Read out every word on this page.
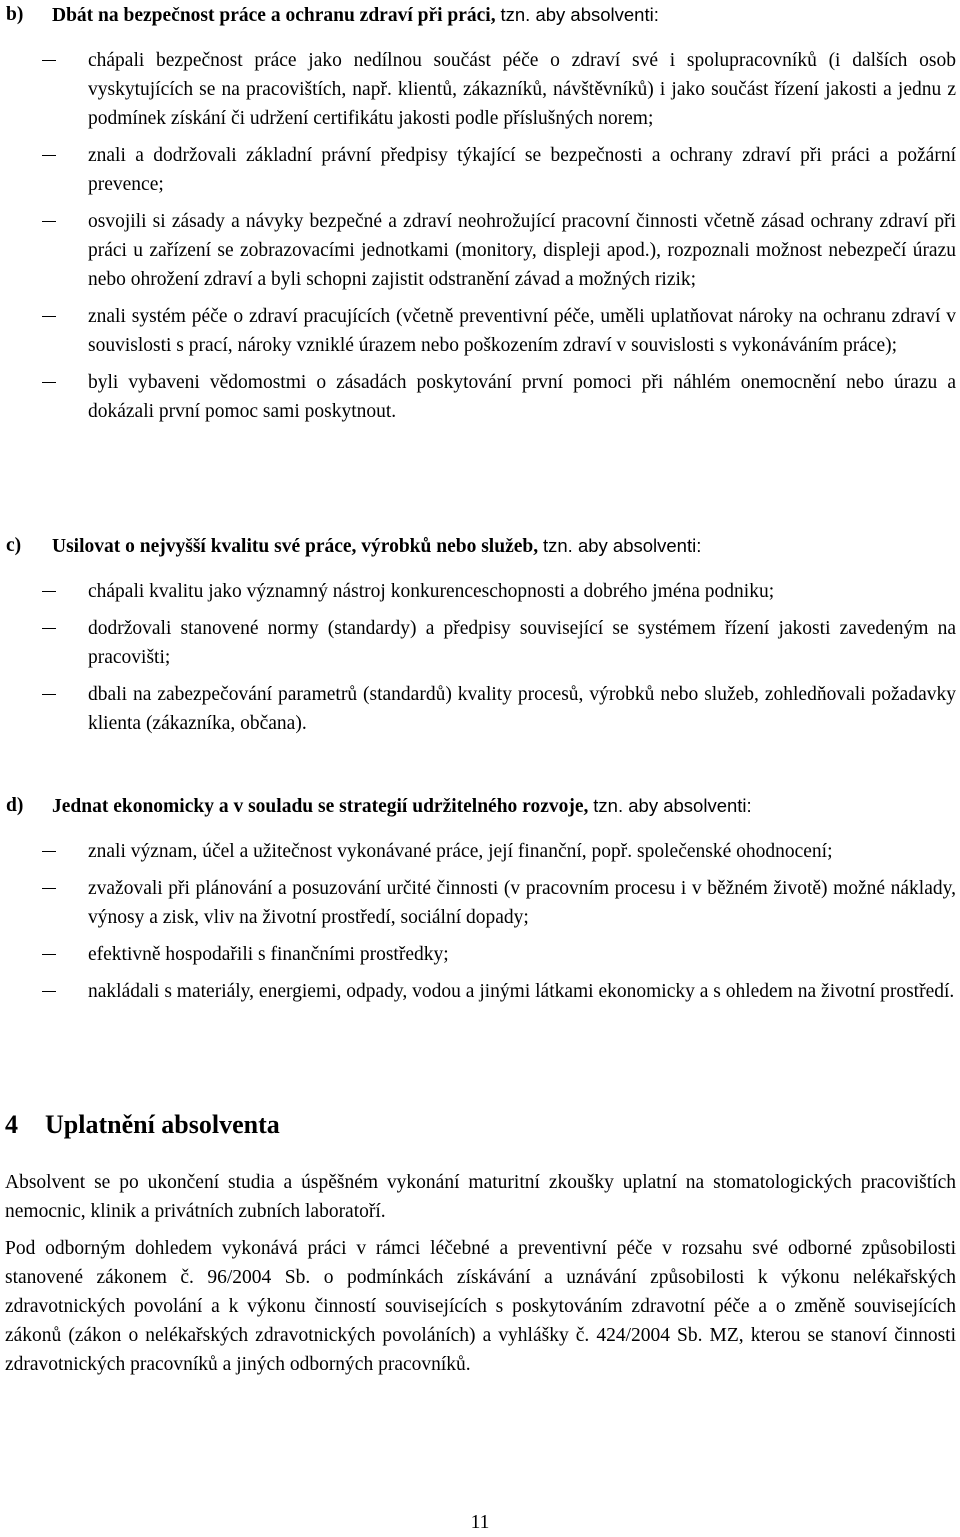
b) Dbát na bezpečnost práce a ochranu zdraví při práci, tzn. aby absolventi:
chápali bezpečnost práce jako nedílnou součást péče o zdraví své i spolupracovníků (i dalších osob vyskytujících se na pracovištích, např. klientů, zákazníků, návštěvníků) i jako součást řízení jakosti a jednu z podmínek získání či udržení certifikátu jakosti podle příslušných norem;
znali a dodržovali základní právní předpisy týkající se bezpečnosti a ochrany zdraví při práci a požární prevence;
osvojili si zásady a návyky bezpečné a zdraví neohrožující pracovní činnosti včetně zásad ochrany zdraví při práci u zařízení se zobrazovacími jednotkami (monitory, displeji apod.), rozpoznali možnost nebezpečí úrazu nebo ohrožení zdraví a byli schopni zajistit odstranění závad a možných rizik;
znali systém péče o zdraví pracujících (včetně preventivní péče, uměli uplatňovat nároky na ochranu zdraví v souvislosti s prací, nároky vzniklé úrazem nebo poškozením zdraví v souvislosti s vykonáváním práce);
byli vybaveni vědomostmi o zásadách poskytování první pomoci při náhlém onemocnění nebo úrazu a dokázali první pomoc sami poskytnout.
c) Usilovat o nejvyšší kvalitu své práce, výrobků nebo služeb, tzn. aby absolventi:
chápali kvalitu jako významný nástroj konkurenceschopnosti a dobrého jména podniku;
dodržovali stanovené normy (standardy) a předpisy související se systémem řízení jakosti zavedeným na pracovišti;
dbali na zabezpečování parametrů (standardů) kvality procesů, výrobků nebo služeb, zohledňovali požadavky klienta (zákazníka, občana).
d) Jednat ekonomicky a v souladu se strategií udržitelného rozvoje, tzn. aby absolventi:
znali význam, účel a užitečnost vykonávané práce, její finanční, popř. společenské ohodnocení;
zvažovali při plánování a posuzování určité činnosti (v pracovním procesu i v běžném životě) možné náklady, výnosy a zisk, vliv na životní prostředí, sociální dopady;
efektivně hospodařili s finančními prostředky;
nakládali s materiály, energiemi, odpady, vodou a jinými látkami ekonomicky a s ohledem na životní prostředí.
4 Uplatnění absolventa

Absolvent se po ukončení studia a úspěšném vykonání maturitní zkoušky uplatní na stomatologických pracovištích nemocnic, klinik a privátních zubních laboratoří.

Pod odborným dohledem vykonává práci v rámci léčebné a preventivní péče v rozsahu své odborné způsobilosti stanovené zákonem č. 96/2004 Sb. o podmínkách získávání a uznávání způsobilosti k výkonu nelékařských zdravotnických povolání a k výkonu činností souvisejících s poskytováním zdravotní péče a o změně souvisejících zákonů (zákon o nelékařských zdravotnických povoláních) a vyhlášky č. 424/2004 Sb. MZ, kterou se stanoví činnosti zdravotnických pracovníků a jiných odborných pracovníků.

11
